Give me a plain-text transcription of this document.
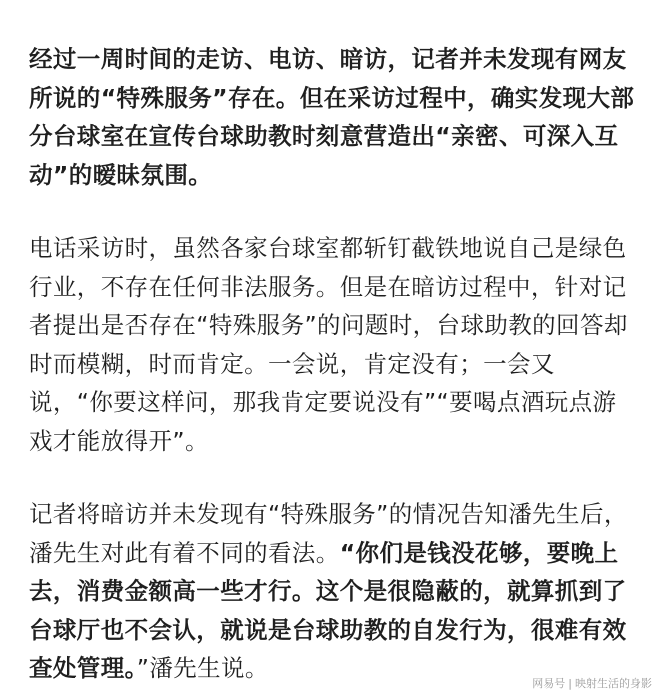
经过一周时间的走访、电访、暗访，记者并未发现有网友所说的“特殊服务”存在。但在采访过程中，确实发现大部分台球室在宣传台球助教时刻意营造出“亲密、可深入互动”的暧昧氛围。

电话采访时，虽然各家台球室都斩钉截铁地说自己是绿色行业，不存在任何非法服务。但是在暗访过程中，针对记者提出是否存在“特殊服务”的问题时，台球助教的回答却时而模糊，时而肯定。一会说，肯定没有；一会又说，“你要这样问，那我肯定要说没有”“要喝点酒玩点游戏才能放得开”。

记者将暗访并未发现有“特殊服务”的情况告知潘先生后，潘先生对此有着不同的看法。“你们是钱没花够，要晚上去，消费金额高一些才行。这个是很隐蔽的，就算抓到了台球厅也不会认，就说是台球助教的自发行为，很难有效查处管理。”潘先生说。

网易号 | 映射生活的身影
